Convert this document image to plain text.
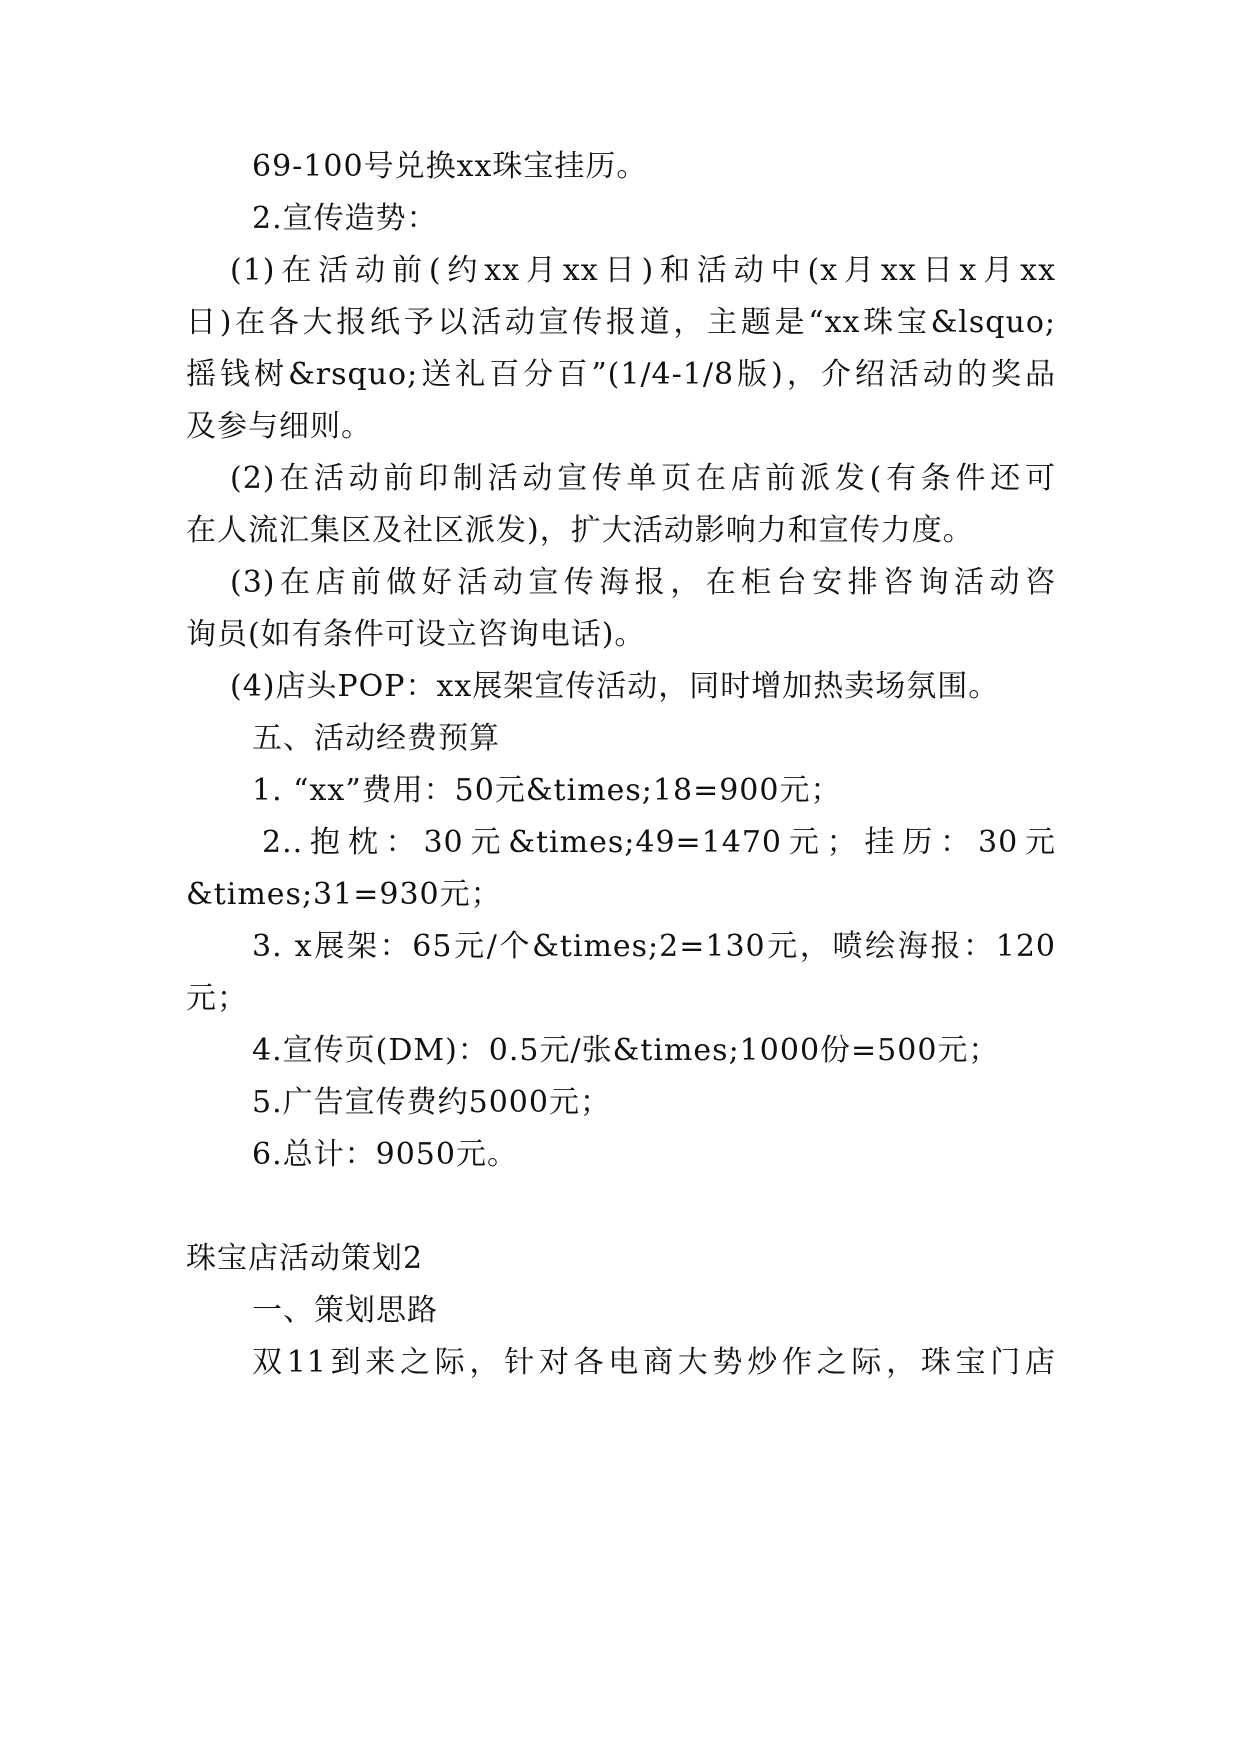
69-100号兑换xx珠宝挂历。
2.宣传造势：
(1)在活动前(约xx月xx日)和活动中(x月xx日x月xx
日)在各大报纸予以活动宣传报道，主题是“xx珠宝&lsquo;
摇钱树&rsquo;送礼百分百”(1/4-1/8版)，介绍活动的奖品
及参与细则。
(2)在活动前印制活动宣传单页在店前派发(有条件还可
在人流汇集区及社区派发)，扩大活动影响力和宣传力度。
(3)在店前做好活动宣传海报，在柜台安排咨询活动咨
询员(如有条件可设立咨询电话)。
(4)店头POP：xx展架宣传活动，同时增加热卖场氛围。
五、活动经费预算
1. “xx”费用：50元&times;18=900元；
2..抱枕：30元&times;49=1470元；挂历：30元
&times;31=930元；
3. x展架：65元/个&times;2=130元，喷绘海报：120
元；
4.宣传页(DM)：0.5元/张&times;1000份=500元；
5.广告宣传费约5000元；
6.总计：9050元。
珠宝店活动策划2
一、策划思路
双11到来之际，针对各电商大势炒作之际，珠宝门店
